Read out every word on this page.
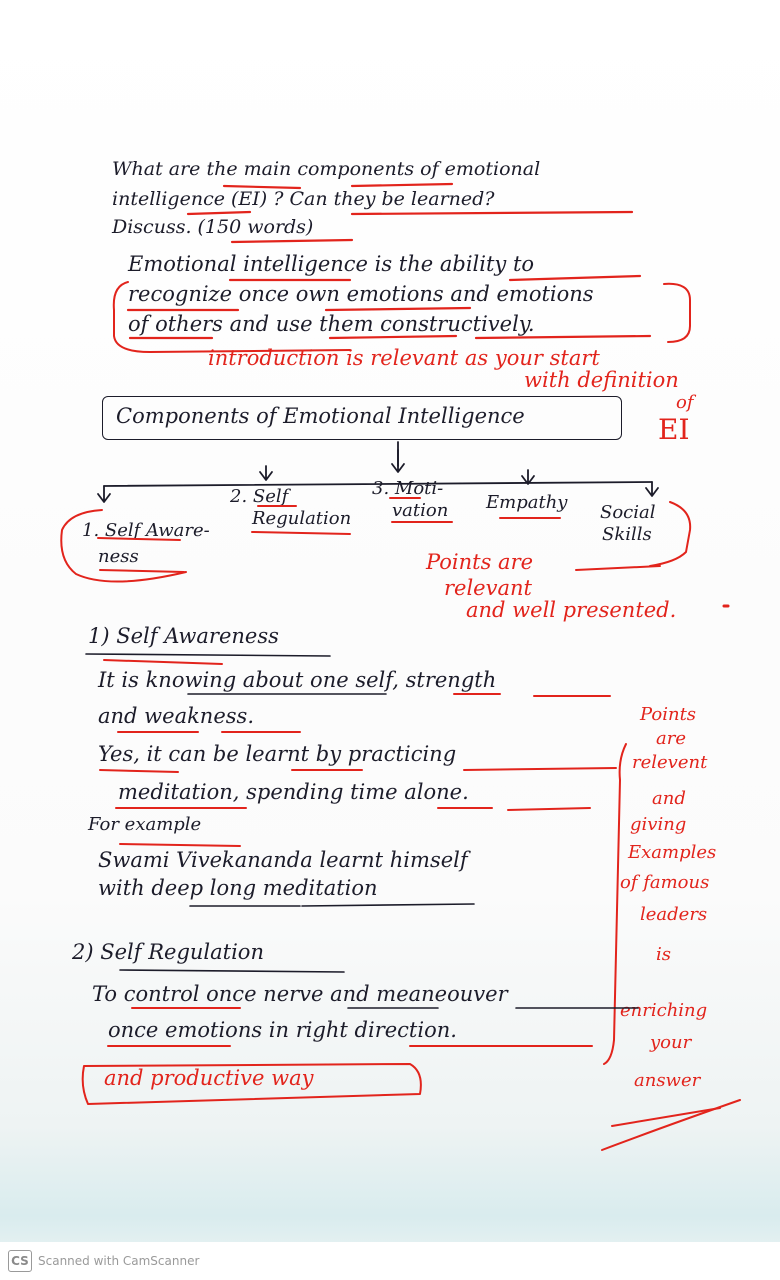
What are the main components of emotional
intelligence (EI) ? Can they be learned?
Discuss. (150 words)
Emotional intelligence is the ability to
recognize once own emotions and emotions
of others and use them constructively.
introduction is relevant as your start
with definition
of
EI
Components of Emotional Intelligence
1. Self Aware-
ness
2. Self
Regulation
3. Moti-
vation Empathy Social
Skills
Points are
relevant
and well presented.
1) Self Awareness
It is knowing about one self, strength
and weakness.
Yes, it can be learnt by practicing
meditation, spending time alone.
For example
Swami Vivekananda learnt himself
with deep long meditation
Points
are
relevent
and
giving
Examples
of famous
leaders
is
enriching
your
answer
2) Self Regulation
To control once nerve and meaneouver
once emotions in right direction.
and productive way
CS Scanned with CamScanner
